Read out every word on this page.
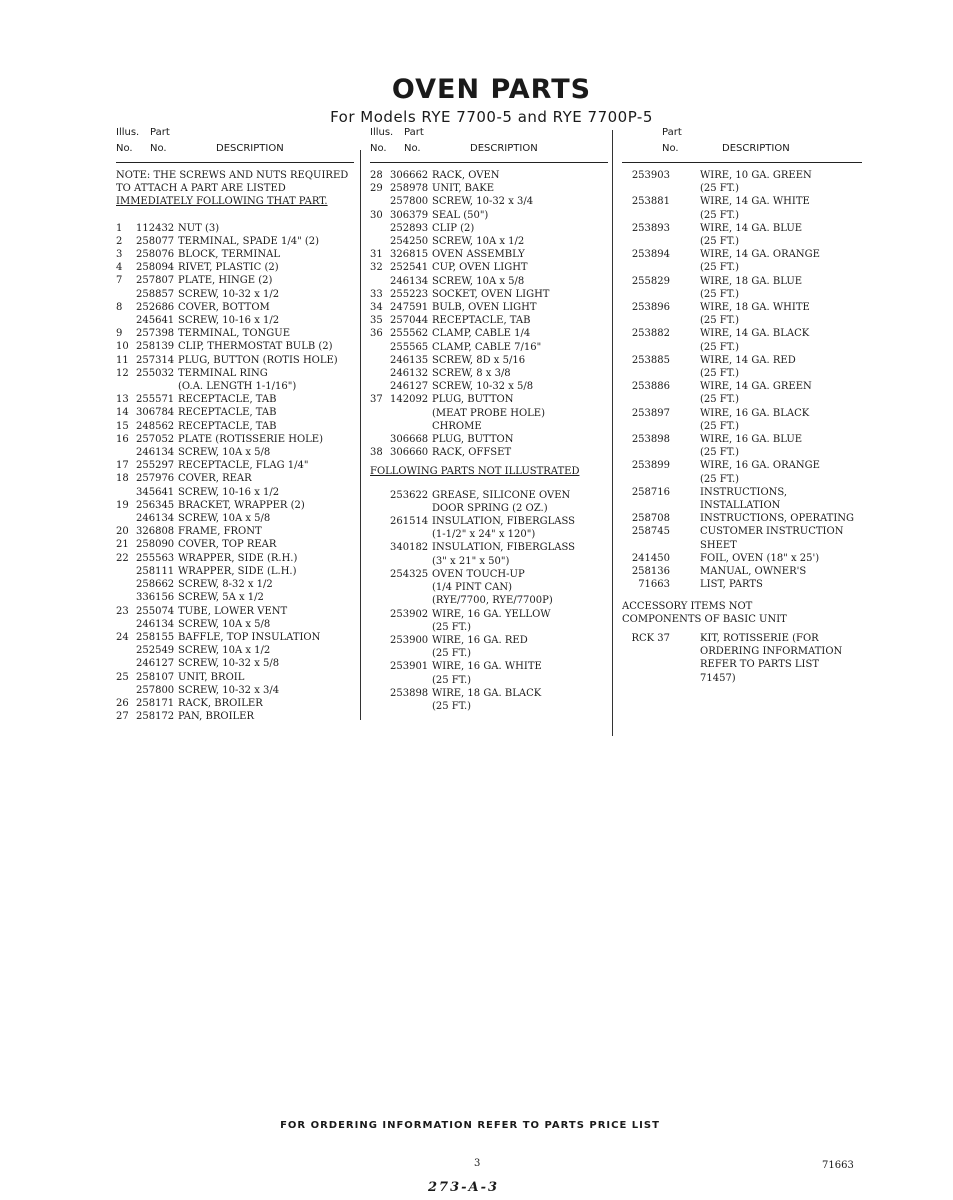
OVEN PARTS
For Models RYE 7700-5 and RYE 7700P-5
Illus. Part
No. No.	DESCRIPTION
NOTE: THE SCREWS AND NUTS REQUIRED
TO ATTACH A PART ARE LISTED
IMMEDIATELY FOLLOWING THAT PART.
1	112432 NUT (3)
2	258077 TERMINAL, SPADE 1/4" (2)
3	258076 BLOCK, TERMINAL
4	258094 RIVET, PLASTIC (2)
7	257807 PLATE, HINGE (2)
258857 SCREW, 10-32 x 1/2
8	252686 COVER, BOTTOM
245641 SCREW, 10-16 x 1/2
9	257398 TERMINAL, TONGUE
10 258139 CLIP, THERMOSTAT BULB (2)
11 257314 PLUG, BUTTON (ROTIS HOLE)
12 255032 TERMINAL RING
(O.A. LENGTH 1-1/16")
13 255571 RECEPTACLE, TAB
14 306784 RECEPTACLE, TAB
15 248562 RECEPTACLE, TAB
16 257052 PLATE (ROTISSERIE HOLE)
246134 SCREW, 10A x 5/8
17 255297 RECEPTACLE, FLAG 1/4"
18 257976 COVER, REAR
345641 SCREW, 10-16 x 1/2
19 256345 BRACKET, WRAPPER (2)
246134 SCREW, 10A x 5/8
20 326808 FRAME, FRONT
21 258090 COVER, TOP REAR
22 255563 WRAPPER, SIDE (R.H.)
258111 WRAPPER, SIDE (L.H.)
258662 SCREW, 8-32 x 1/2
336156 SCREW, 5A x 1/2
23 255074 TUBE, LOWER VENT
246134 SCREW, 10A x 5/8
24 258155 BAFFLE, TOP INSULATION
252549 SCREW, 10A x 1/2
246127 SCREW, 10-32 x 5/8
25 258107 UNIT, BROIL
257800 SCREW, 10-32 x 3/4
26 258171 RACK, BROILER
27 258172 PAN, BROILER
Illus. Part
No. No.	DESCRIPTION
28 306662 RACK, OVEN
29 258978 UNIT, BAKE
257800 SCREW, 10-32 x 3/4
30 306379 SEAL (50")
252893 CLIP (2)
254250 SCREW, 10A x 1/2
31 326815 OVEN ASSEMBLY
32 252541 CUP, OVEN LIGHT
246134 SCREW, 10A x 5/8
33 255223 SOCKET, OVEN LIGHT
34 247591 BULB, OVEN LIGHT
35 257044 RECEPTACLE, TAB
36 255562 CLAMP, CABLE 1/4
255565 CLAMP, CABLE 7/16"
246135 SCREW, 8D x 5/16
246132 SCREW, 8 x 3/8
246127 SCREW, 10-32 x 5/8
37 142092 PLUG, BUTTON
(MEAT PROBE HOLE)
CHROME
306668 PLUG, BUTTON
38 306660 RACK, OFFSET
FOLLOWING PARTS NOT ILLUSTRATED
253622 GREASE, SILICONE OVEN
DOOR SPRING (2 OZ.)
261514 INSULATION, FIBERGLASS
(1-1/2" x 24" x 120")
340182 INSULATION, FIBERGLASS
(3" x 21" x 50")
254325 OVEN TOUCH-UP
(1/4 PINT CAN)
(RYE/7700, RYE/7700P)
253902 WIRE, 16 GA. YELLOW
(25 FT.)
253900 WIRE, 16 GA. RED
(25 FT.)
253901 WIRE, 16 GA. WHITE
(25 FT.)
253898 WIRE, 18 GA. BLACK
(25 FT.)
Part
No.	DESCRIPTION
253903	WIRE, 10 GA. GREEN
(25 FT.)
253881	WIRE, 14 GA. WHITE
(25 FT.)
253893	WIRE, 14 GA. BLUE
(25 FT.)
253894	WIRE, 14 GA. ORANGE
(25 FT.)
255829	WIRE, 18 GA. BLUE
(25 FT.)
253896	WIRE, 18 GA. WHITE
(25 FT.)
253882	WIRE, 14 GA. BLACK
(25 FT.)
253885	WIRE, 14 GA. RED
(25 FT.)
253886	WIRE, 14 GA. GREEN
(25 FT.)
253897	WIRE, 16 GA. BLACK
(25 FT.)
253898	WIRE, 16 GA. BLUE
(25 FT.)
253899	WIRE, 16 GA. ORANGE
(25 FT.)
258716	INSTRUCTIONS,
INSTALLATION
258708	INSTRUCTIONS, OPERATING
258745	CUSTOMER INSTRUCTION
SHEET
241450	FOIL, OVEN (18" x 25')
258136	MANUAL, OWNER'S
71663	LIST, PARTS
ACCESSORY ITEMS NOT
COMPONENTS OF BASIC UNIT
RCK 37	KIT, ROTISSERIE (FOR
ORDERING INFORMATION
REFER TO PARTS LIST
71457)
FOR ORDERING INFORMATION REFER TO PARTS PRICE LIST
3	71663
273-A-3
